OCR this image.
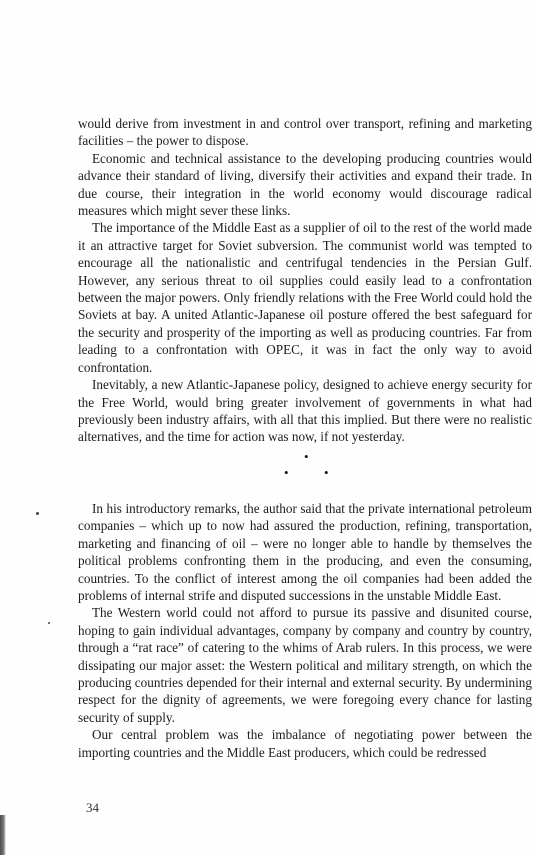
would derive from investment in and control over transport, refining and marketing facilities – the power to dispose.

Economic and technical assistance to the developing producing countries would advance their standard of living, diversify their activities and expand their trade. In due course, their integration in the world economy would discourage radical measures which might sever these links.

The importance of the Middle East as a supplier of oil to the rest of the world made it an attractive target for Soviet subversion. The communist world was tempted to encourage all the nationalistic and centrifugal tendencies in the Persian Gulf. However, any serious threat to oil supplies could easily lead to a confrontation between the major powers. Only friendly relations with the Free World could hold the Soviets at bay. A united Atlantic-Japanese oil posture offered the best safeguard for the security and prosperity of the importing as well as producing countries. Far from leading to a confrontation with OPEC, it was in fact the only way to avoid confrontation.

Inevitably, a new Atlantic-Japanese policy, designed to achieve energy security for the Free World, would bring greater involvement of governments in what had previously been industry affairs, with all that this implied. But there were no realistic alternatives, and the time for action was now, if not yesterday.

•
•	•

In his introductory remarks, the author said that the private international petroleum companies – which up to now had assured the production, refining, transportation, marketing and financing of oil – were no longer able to handle by themselves the political problems confronting them in the producing, and even the consuming, countries. To the conflict of interest among the oil companies had been added the problems of internal strife and disputed successions in the unstable Middle East.

The Western world could not afford to pursue its passive and disunited course, hoping to gain individual advantages, company by company and country by country, through a “rat race” of catering to the whims of Arab rulers. In this process, we were dissipating our major asset: the Western political and military strength, on which the producing countries depended for their internal and external security. By undermining respect for the dignity of agreements, we were foregoing every chance for lasting security of supply.

Our central problem was the imbalance of negotiating power between the importing countries and the Middle East producers, which could be redressed

34
